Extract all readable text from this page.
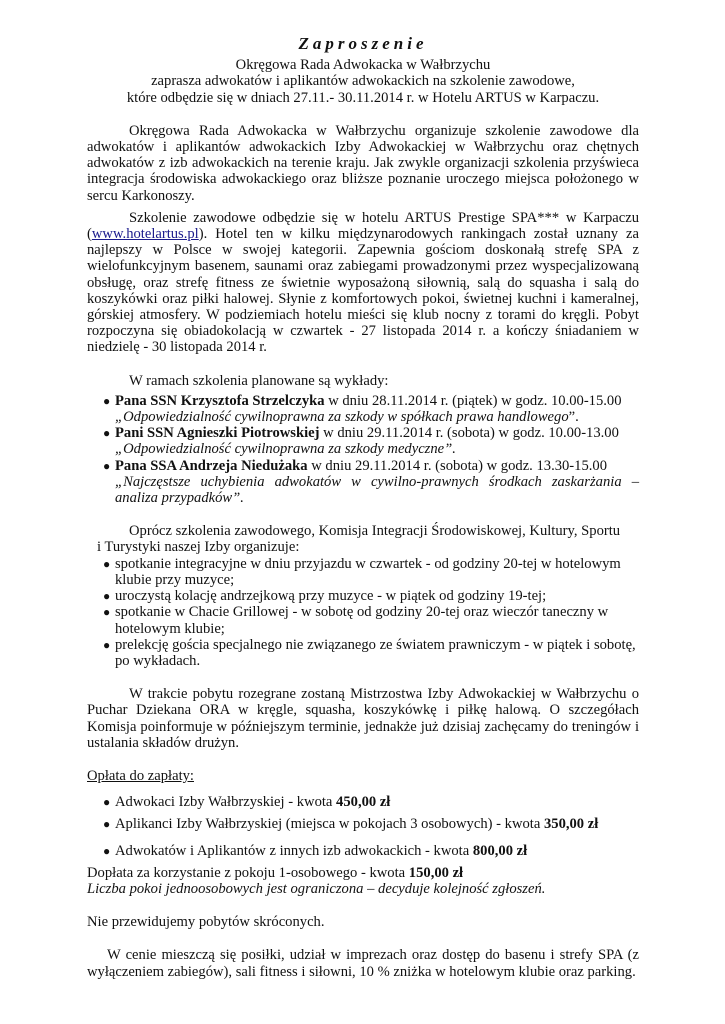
Zaproszenie

Okręgowa Rada Adwokacka w Wałbrzychu

zaprasza adwokatów i aplikantów adwokackich na szkolenie zawodowe,

które odbędzie się w dniach 27.11.- 30.11.2014 r. w Hotelu ARTUS w Karpaczu.

Okręgowa Rada Adwokacka w Wałbrzychu organizuje szkolenie zawodowe dla adwokatów i aplikantów adwokackich Izby Adwokackiej w Wałbrzychu oraz chętnych adwokatów z izb adwokackich na terenie kraju. Jak zwykle organizacji szkolenia przyświeca integracja środowiska adwokackiego oraz bliższe poznanie uroczego miejsca położonego w sercu Karkonoszy.

Szkolenie zawodowe odbędzie się w hotelu ARTUS Prestige SPA*** w Karpaczu (www.hotelartus.pl). Hotel ten w kilku międzynarodowych rankingach został uznany za najlepszy w Polsce w swojej kategorii. Zapewnia gościom doskonałą strefę SPA z wielofunkcyjnym basenem, saunami oraz zabiegami prowadzonymi przez wyspecjalizowaną obsługę, oraz strefę fitness ze świetnie wyposażoną siłownią, salą do squasha i salą do koszykówki oraz piłki halowej. Słynie z komfortowych pokoi, świetnej kuchni i kameralnej, górskiej atmosfery. W podziemiach hotelu mieści się klub nocny z torami do kręgli. Pobyt rozpoczyna się obiadokolacją w czwartek - 27 listopada 2014 r. a kończy śniadaniem w niedzielę - 30 listopada 2014 r.

W ramach szkolenia planowane są wykłady:

● Pana SSN Krzysztofa Strzelczyka w dniu 28.11.2014 r. (piątek) w godz. 10.00-15.00
„Odpowiedzialność cywilnoprawna za szkody w spółkach prawa handlowego”.
● Pani SSN Agnieszki Piotrowskiej w dniu 29.11.2014 r. (sobota) w godz. 10.00-13.00
„Odpowiedzialność cywilnoprawna za szkody medyczne”.
● Pana SSA Andrzeja Niedużaka w dniu 29.11.2014 r. (sobota) w godz. 13.30-15.00

„Najczęstsze uchybienia adwokatów w cywilno-prawnych środkach zaskarżania – analiza przypadków”.

Oprócz szkolenia zawodowego, Komisja Integracji Środowiskowej, Kultury, Sportu

i Turystyki naszej Izby organizuje:

● spotkanie integracyjne w dniu przyjazdu w czwartek - od godziny 20-tej w hotelowym klubie przy muzyce;
● uroczystą kolację andrzejkową przy muzyce - w piątek od godziny 19-tej;
● spotkanie w Chacie Grillowej - w sobotę od godziny 20-tej oraz wieczór taneczny w hotelowym klubie;
● prelekcję gościa specjalnego nie związanego ze światem prawniczym - w piątek i sobotę, po wykładach.

W trakcie pobytu rozegrane zostaną Mistrzostwa Izby Adwokackiej w Wałbrzychu o Puchar Dziekana ORA w kręgle, squasha, koszykówkę i piłkę halową. O szczegółach Komisja poinformuje w późniejszym terminie, jednakże już dzisiaj zachęcamy do treningów i ustalania składów drużyn.

Opłata do zapłaty:

● Adwokaci Izby Wałbrzyskiej - kwota 450,00 zł
● Aplikanci Izby Wałbrzyskiej (miejsca w pokojach 3 osobowych) - kwota 350,00 zł
● Adwokatów i Aplikantów z innych izb adwokackich - kwota 800,00 zł

Dopłata za korzystanie z pokoju 1-osobowego - kwota 150,00 zł

Liczba pokoi jednoosobowych jest ograniczona – decyduje kolejność zgłoszeń.

Nie przewidujemy pobytów skróconych.

W cenie mieszczą się posiłki, udział w imprezach oraz dostęp do basenu i strefy SPA (z wyłączeniem zabiegów), sali fitness i siłowni, 10 % zniżka w hotelowym klubie oraz parking.
